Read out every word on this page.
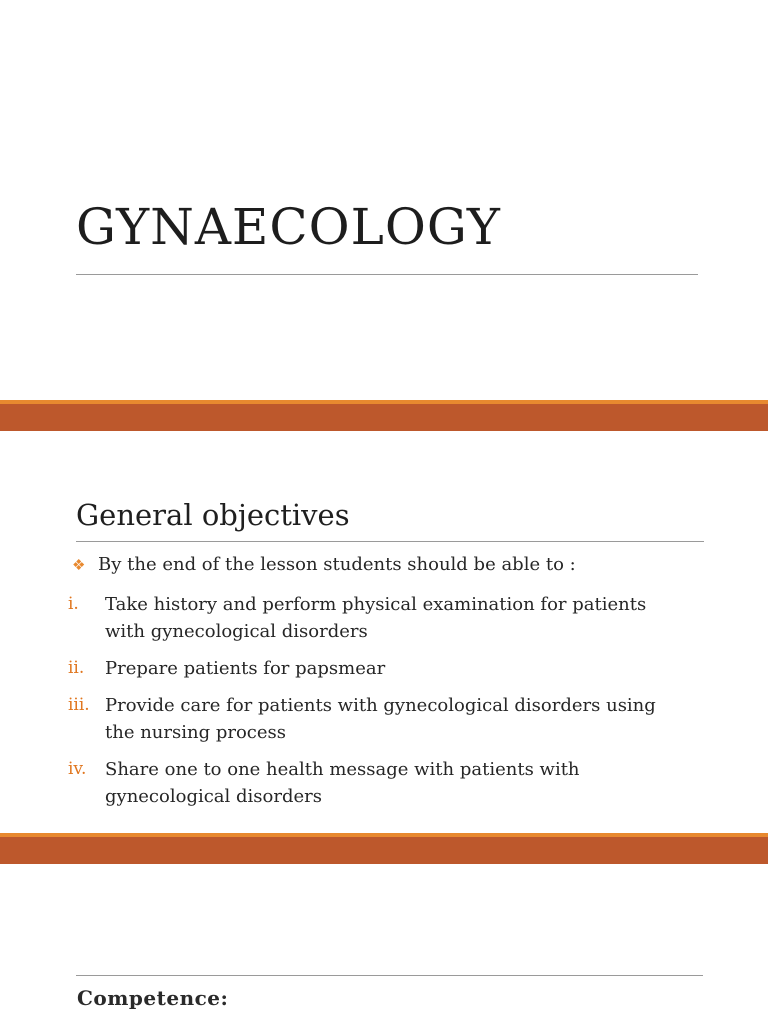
GYNAECOLOGY
General objectives
❖ By the end of the lesson students should be able to :
i.	Take history and perform physical examination for patients with gynecological disorders
ii.	Prepare patients for papsmear
iii. Provide care for patients with gynecological disorders using the nursing process
iv.	Share one to one health message with patients with gynecological disorders
Competence:
